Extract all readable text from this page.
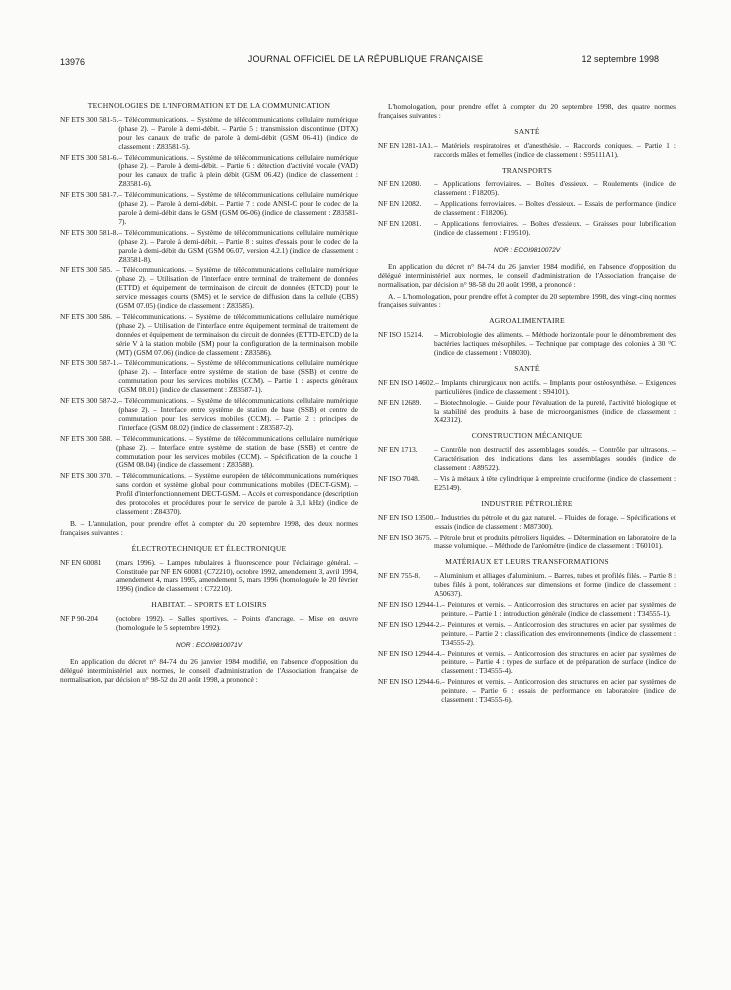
13976	JOURNAL OFFICIEL DE LA RÉPUBLIQUE FRANÇAISE	12 septembre 1998
TECHNOLOGIES DE L'INFORMATION ET DE LA COMMUNICATION
NF ETS 300 581-5. – Télécommunications. – Système de télécommunications cellulaire numérique (phase 2). – Parole à demi-débit. – Partie 5 : transmission discontinue (DTX) pour les canaux de trafic de parole à demi-débit (GSM 06-41) (indice de classement : Z83581-5).
NF ETS 300 581-6. – Télécommunications. – Système de télécommunications cellulaire numérique (phase 2). – Parole à demi-débit. – Partie 6 : détection d'activité vocale (VAD) pour les canaux de trafic à plein débit (GSM 06.42) (indice de classement : Z83581-6).
NF ETS 300 581-7. – Télécommunications. – Système de télécommunications cellulaire numérique (phase 2). – Parole à demi-débit. – Partie 7 : code ANSI-C pour le codec de la parole à demi-débit dans le GSM (GSM 06-06) (indice de classement : Z83581-7).
NF ETS 300 581-8. – Télécommunications. – Système de télécommunications cellulaire numérique (phase 2). – Parole à demi-débit. – Partie 8 : suites d'essais pour le codec de la parole à demi-débit du GSM (GSM 06.07, version 4.2.1) (indice de classement : Z83581-8).
NF ETS 300 585. – Télécommunications. – Système de télécommunications cellulaire numérique (phase 2). – Utilisation de l'interface entre terminal de traitement de données (ETTD) et équipement de terminaison de circuit de données (ETCD) pour le service messages courts (SMS) et le service de diffusion dans la cellule (CBS) (GSM 07.05) (indice de classement : Z83585).
NF ETS 300 586. – Télécommunications. – Système de télécommunications cellulaire numérique (phase 2). – Utilisation de l'interface entre équipement terminal de traitement de données et équipement de terminaison du circuit de données (ETTD-ETCD) de la série V à la station mobile (SM) pour la configuration de la terminaison mobile (MT) (GSM 07.06) (indice de classement : Z83586).
NF ETS 300 587-1. – Télécommunications. – Système de télécommunications cellulaire numérique (phase 2). – Interface entre système de station de base (SSB) et centre de commutation pour les services mobiles (CCM). – Partie 1 : aspects généraux (GSM 08.01) (indice de classement : Z83587-1).
NF ETS 300 587-2. – Télécommunications. – Système de télécommunications cellulaire numérique (phase 2). – Interface entre système de station de base (SSB) et centre de commutation pour les services mobiles (CCM). – Partie 2 : principes de l'interface (GSM 08.02) (indice de classement : Z83587-2).
NF ETS 300 588. – Télécommunications. – Système de télécommunications cellulaire numérique (phase 2). – Interface entre système de station de base (SSB) et centre de commutation pour les services mobiles (CCM). – Spécification de la couche 1 (GSM 08.04) (indice de classement : Z83588).
NF ETS 300 370. – Télécommunications. – Système européen de télécommunications numériques sans cordon et système global pour communications mobiles (DECT-GSM). – Profil d'interfonctionnement DECT-GSM. – Accès et correspondance (description des protocoles et procédures pour le service de parole à 3,1 kHz) (indice de classement : Z84370).
B. – L'annulation, pour prendre effet à compter du 20 septembre 1998, des deux normes françaises suivantes :
ÉLECTROTECHNIQUE ET ÉLECTRONIQUE
NF EN 60081	(mars 1996). – Lampes tubulaires à fluorescence pour l'éclairage général. – Constituée par NF EN 60081 (C72210), octobre 1992, amendement 3, avril 1994, amendement 4, mars 1995, amendement 5, mars 1996 (homologuée le 20 février 1996) (indice de classement : C72210).
HABITAT. – SPORTS ET LOISIRS
NF P 90-204	(octobre 1992). – Salles sportives. – Points d'ancrage. – Mise en œuvre (homologuée le 5 septembre 1992).
NOR : ECOI9810071V
En application du décret n° 84-74 du 26 janvier 1984 modifié, en l'absence d'opposition du délégué interministériel aux normes, le conseil d'administration de l'Association française de normalisation, par décision n° 98-52 du 20 août 1998, a prononcé :
L'homologation, pour prendre effet à compter du 20 septembre 1998, des quatre normes françaises suivantes :
SANTÉ
NF EN 1281-1A1. – Matériels respiratoires et d'anesthésie. – Raccords coniques. – Partie 1 : raccords mâles et femelles (indice de classement : S95111A1).
TRANSPORTS
NF EN 12080.	– Applications ferroviaires. – Boîtes d'essieux. – Roulements (indice de classement : F18205).
NF EN 12082.	– Applications ferroviaires. – Boîtes d'essieux. – Essais de performance (indice de classement : F18206).
NF EN 12081.	– Applications ferroviaires. – Boîtes d'essieux. – Graisses pour lubrification (indice de classement : F19510).
NOR : ECOI9810072V
En application du décret n° 84-74 du 26 janvier 1984 modifié, en l'absence d'opposition du délégué interministériel aux normes, le conseil d'administration de l'Association française de normalisation, par décision n° 98-58 du 20 août 1998, a prononcé :
A. – L'homologation, pour prendre effet à compter du 20 septembre 1998, des vingt-cinq normes françaises suivantes :
AGROALIMENTAIRE
NF ISO 15214.	– Microbiologie des aliments. – Méthode horizontale pour le dénombrement des bactéries lactiques mésophiles. – Technique par comptage des colonies à 30 °C (indice de classement : V08030).
SANTÉ
NF EN ISO 14602. – Implants chirurgicaux non actifs. – Implants pour ostéosynthèse. – Exigences particulières (indice de classement : S94101).
NF EN 12689.	– Biotechnologie. – Guide pour l'évaluation de la pureté, l'activité biologique et la stabilité des produits à base de microorganismes (indice de classement : X42312).
CONSTRUCTION MÉCANIQUE
NF EN 1713.	– Contrôle non destructif des assemblages soudés. – Contrôle par ultrasons. – Caractérisation des indications dans les assemblages soudés (indice de classement : A89522).
NF ISO 7048.	– Vis à métaux à tête cylindrique à empreinte cruciforme (indice de classement : E25149).
INDUSTRIE PÉTROLIÈRE
NF EN ISO 13500. – Industries du pétrole et du gaz naturel. – Fluides de forage. – Spécifications et essais (indice de classement : M87300).
NF EN ISO 3675. – Pétrole brut et produits pétroliers liquides. – Détermination en laboratoire de la masse volumique. – Méthode de l'aréomètre (indice de classement : T60101).
MATÉRIAUX ET LEURS TRANSFORMATIONS
NF EN 755-8.	– Aluminium et alliages d'aluminium. – Barres, tubes et profilés filés. – Partie 8 : tubes filés à pont, tolérances sur dimensions et forme (indice de classement : A50637).
NF EN ISO 12944-1. – Peintures et vernis. – Anticorrosion des structures en acier par systèmes de peinture. – Partie 1 : introduction générale (indice de classement : T34555-1).
NF EN ISO 12944-2. – Peintures et vernis. – Anticorrosion des structures en acier par systèmes de peinture. – Partie 2 : classification des environnements (indice de classement : T34555-2).
NF EN ISO 12944-4. – Peintures et vernis. – Anticorrosion des structures en acier par systèmes de peinture. – Partie 4 : types de surface et de préparation de surface (indice de classement : T34555-4).
NF EN ISO 12944-6. – Peintures et vernis. – Anticorrosion des structures en acier par systèmes de peinture. – Partie 6 : essais de performance en laboratoire (indice de classement : T34555-6).
